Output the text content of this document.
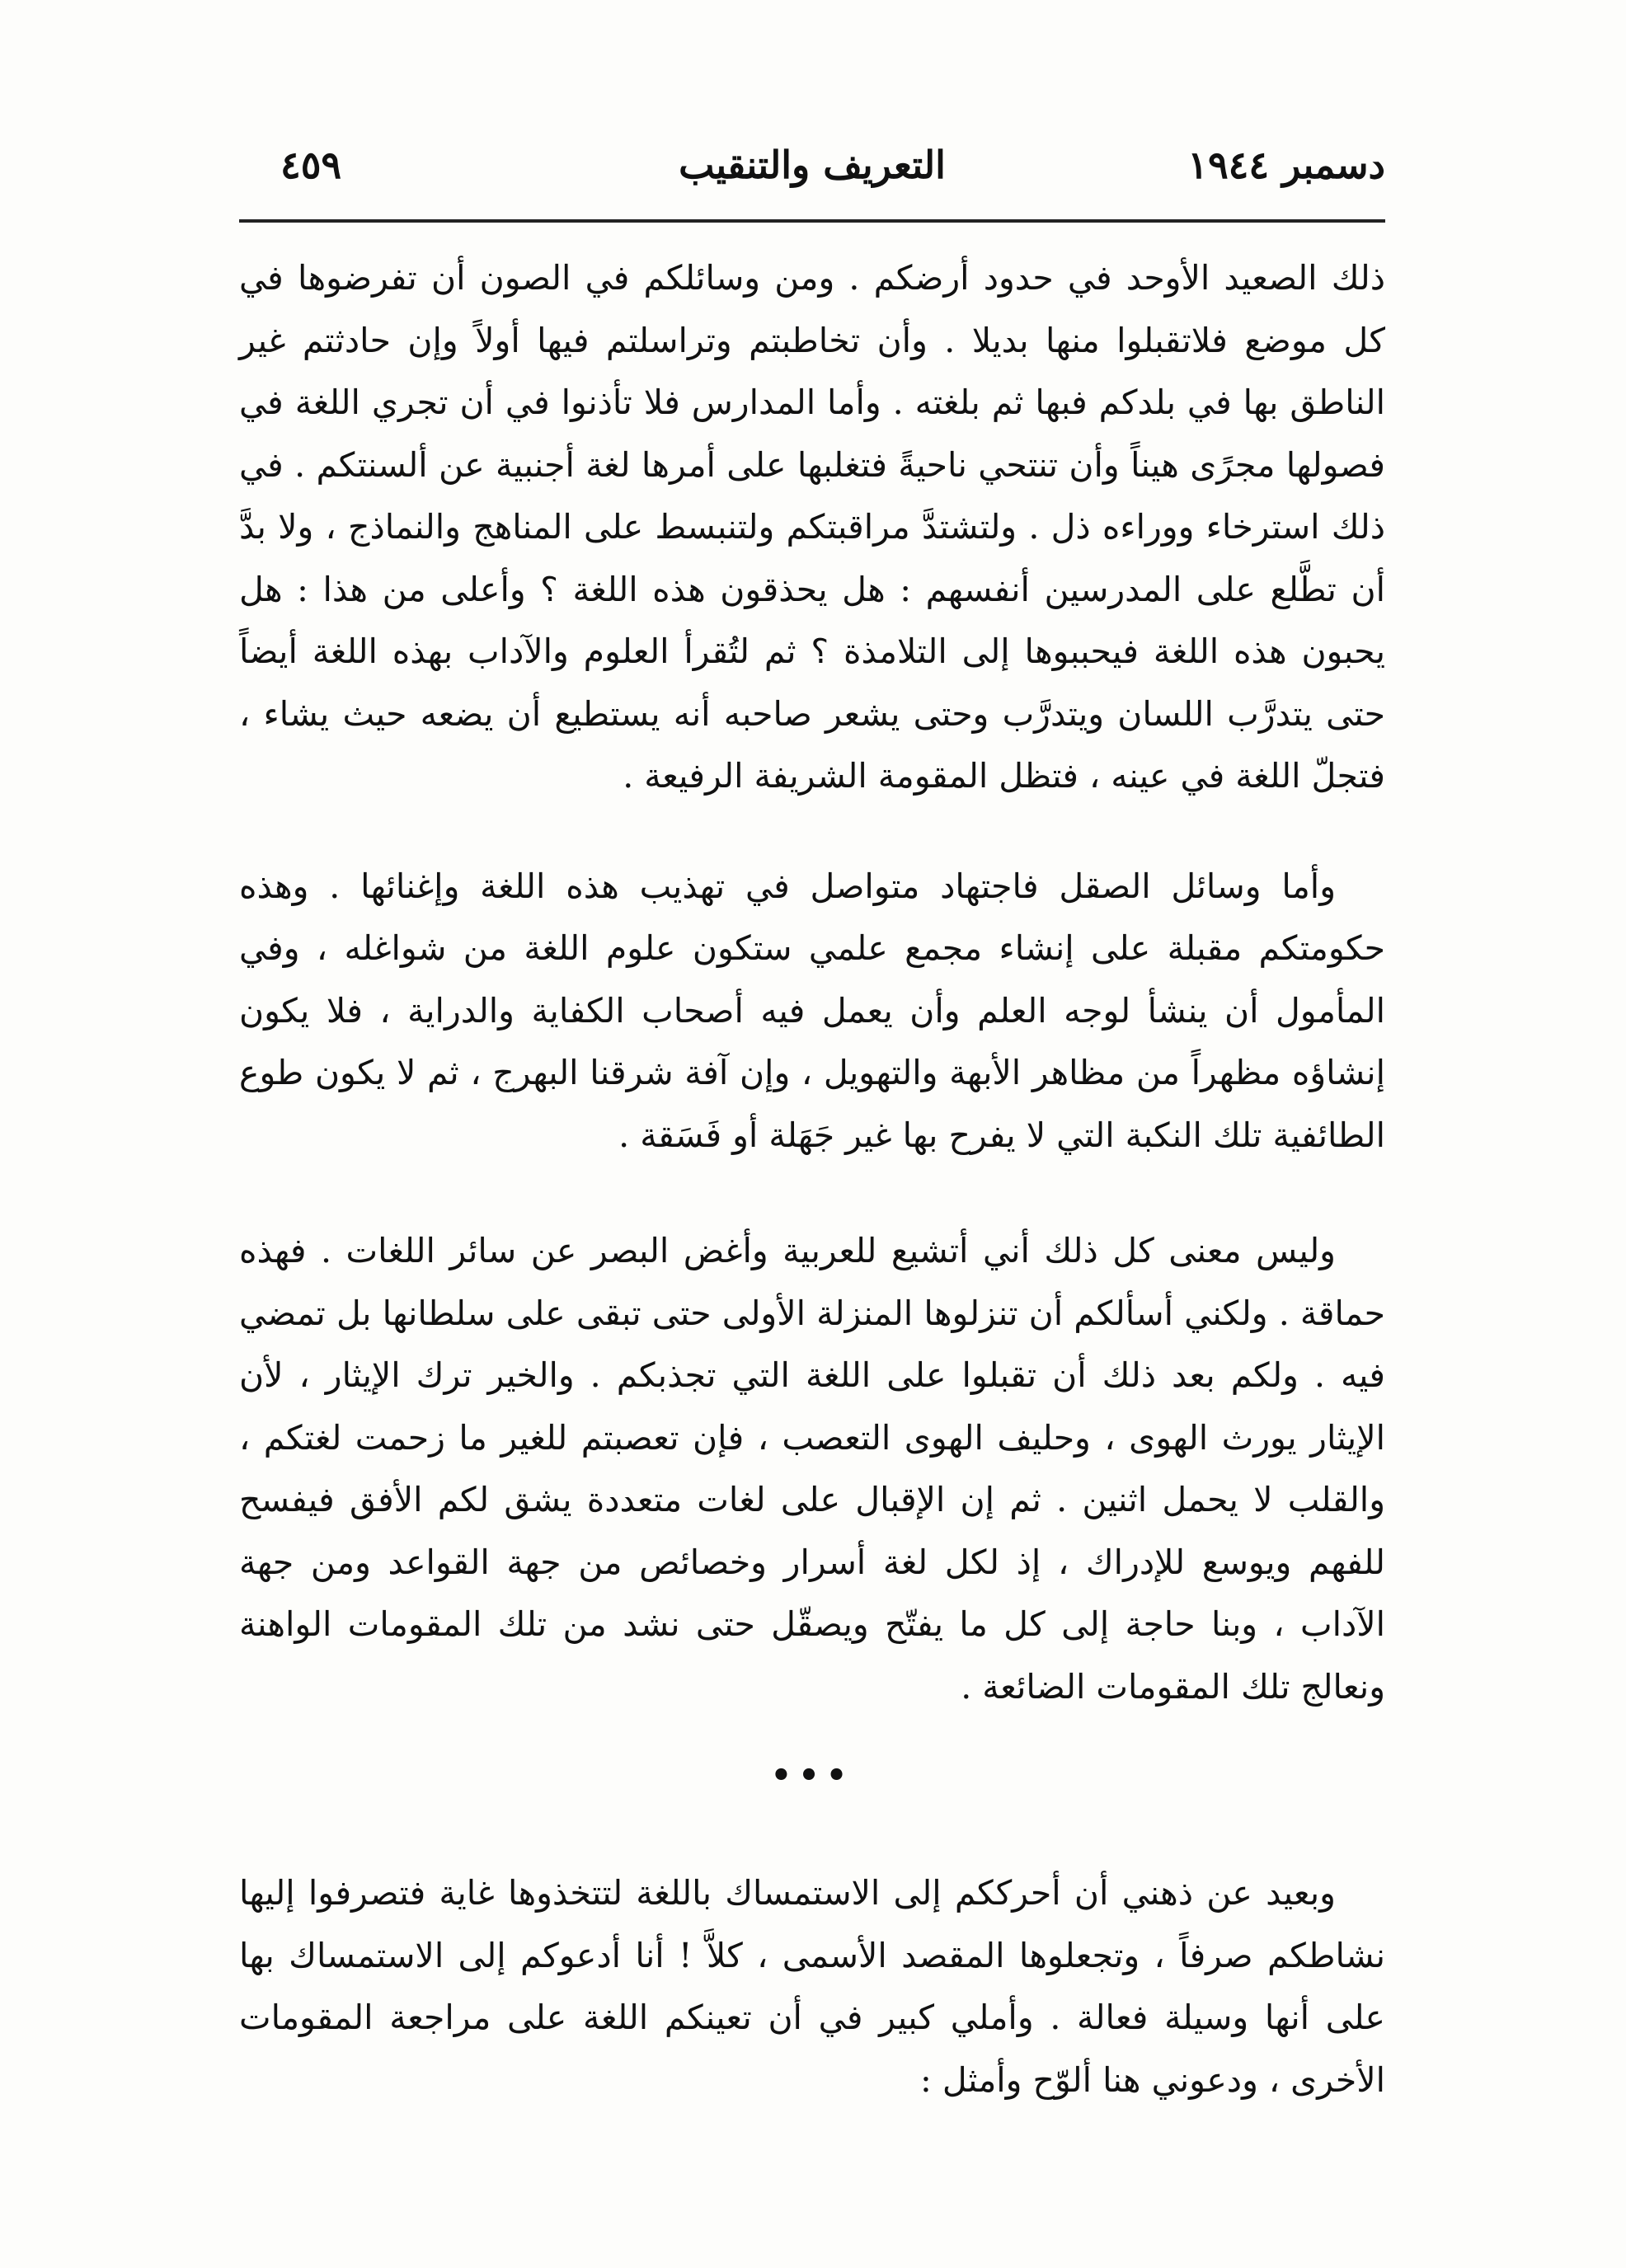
دسمبر ١٩٤٤
التعريف والتنقيب
٤٥٩

ذلك الصعيد الأوحد في حدود أرضكم . ومن وسائلكم في الصون أن تفرضوها في كل موضع فلاتقبلوا منها بديلا . وأن تخاطبتم وتراسلتم فيها أولاً وإن حادثتم غير الناطق بها في بلدكم فبها ثم بلغته . وأما المدارس فلا تأذنوا في أن تجري اللغة في فصولها مجرًى هيناً وأن تنتحي ناحيةً فتغلبها على أمرها لغة أجنبية عن ألسنتكم . في ذلك استرخاء ووراءه ذل . ولتشتدَّ مراقبتكم ولتنبسط على المناهج والنماذج ، ولا بدَّ أن تطَّلع على المدرسين أنفسهم : هل يحذقون هذه اللغة ؟ وأعلى من هذا : هل يحبون هذه اللغة فيحببوها إلى التلامذة ؟ ثم لتُقرأ العلوم والآداب بهذه اللغة أيضاً حتى يتدرَّب اللسان ويتدرَّب وحتى يشعر صاحبه أنه يستطيع أن يضعه حيث يشاء ، فتجلّ اللغة في عينه ، فتظل المقومة الشريفة الرفيعة .

وأما وسائل الصقل فاجتهاد متواصل في تهذيب هذه اللغة وإغنائها . وهذه حكومتكم مقبلة على إنشاء مجمع علمي ستكون علوم اللغة من شواغله ، وفي المأمول أن ينشأ لوجه العلم وأن يعمل فيه أصحاب الكفاية والدراية ، فلا يكون إنشاؤه مظهراً من مظاهر الأبهة والتهويل ، وإن آفة شرقنا البهرج ، ثم لا يكون طوع الطائفية تلك النكبة التي لا يفرح بها غير جَهَلة أو فَسَقة .

وليس معنى كل ذلك أني أتشيع للعربية وأغض البصر عن سائر اللغات . فهذه حماقة . ولكني أسألكم أن تنزلوها المنزلة الأولى حتى تبقى على سلطانها بل تمضي فيه . ولكم بعد ذلك أن تقبلوا على اللغة التي تجذبكم . والخير ترك الإيثار ، لأن الإيثار يورث الهوى ، وحليف الهوى التعصب ، فإن تعصبتم للغير ما زحمت لغتكم ، والقلب لا يحمل اثنين . ثم إن الإقبال على لغات متعددة يشق لكم الأفق فيفسح للفهم ويوسع للإدراك ، إذ لكل لغة أسرار وخصائص من جهة القواعد ومن جهة الآداب ، وبنا حاجة إلى كل ما يفتّح ويصقّل حتى نشد من تلك المقومات الواهنة ونعالج تلك المقومات الضائعة .

•••

وبعيد عن ذهني أن أحرككم إلى الاستمساك باللغة لتتخذوها غاية فتصرفوا إليها نشاطكم صرفاً ، وتجعلوها المقصد الأسمى ، كلاَّ ! أنا أدعوكم إلى الاستمساك بها على أنها وسيلة فعالة . وأملي كبير في أن تعينكم اللغة على مراجعة المقومات الأخرى ، ودعوني هنا ألوّح وأمثل :
